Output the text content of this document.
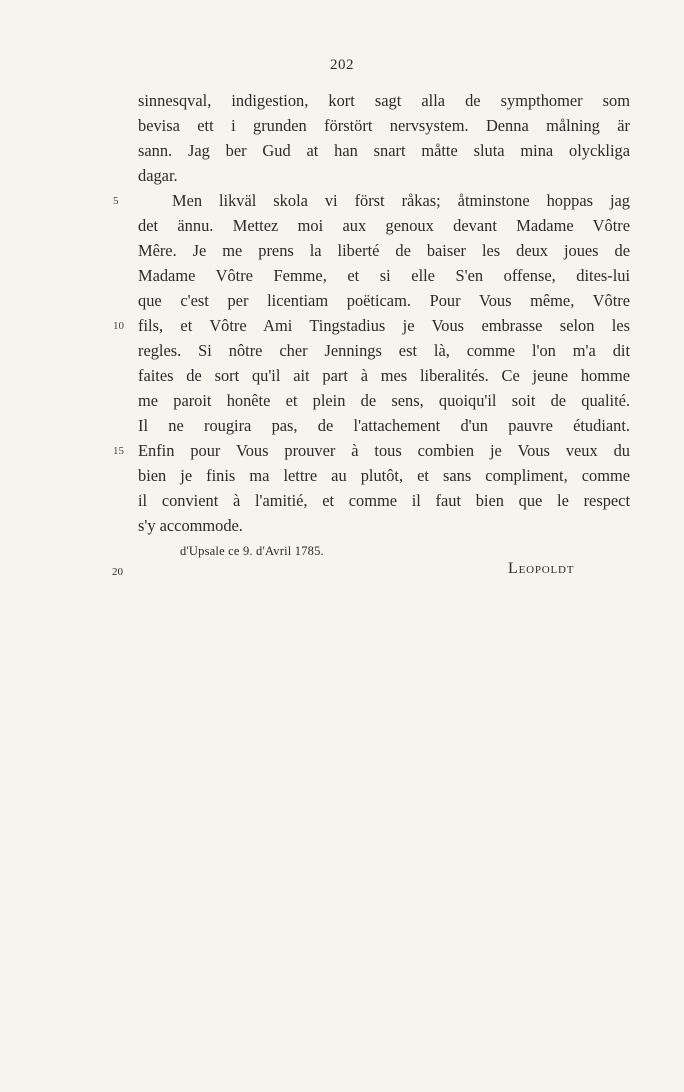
202
sinnesqval, indigestion, kort sagt alla de sympthomer som
bevisa ett i grunden förstört nervsystem. Denna målning är
sann. Jag ber Gud at han snart måtte sluta mina olyckliga
dagar.
5	Men likväl skola vi först råkas; åtminstone hoppas jag
det ännu. Mettez moi aux genoux devant Madame Vôtre
Mêre. Je me prens la liberté de baiser les deux joues de
Madame Vôtre Femme, et si elle S'en offense, dites-lui
que c'est per licentiam poëticam. Pour Vous même, Vôtre
10 fils, et Vôtre Ami Tingstadius je Vous embrasse selon les
regles. Si nôtre cher Jennings est là, comme l'on m'a dit
faites de sort qu'il ait part à mes liberalités. Ce jeune homme
me paroit honête et plein de sens, quoiqu'il soit de qualité.
Il ne rougira pas, de l'attachement d'un pauvre étudiant.
15 Enfin pour Vous prouver à tous combien je Vous veux du
bien je finis ma lettre au plutôt, et sans compliment, comme
il convient à l'amitié, et comme il faut bien que le respect
s'y accommode.
d'Upsale ce 9. d'Avril 1785.
20	Leopoldt
